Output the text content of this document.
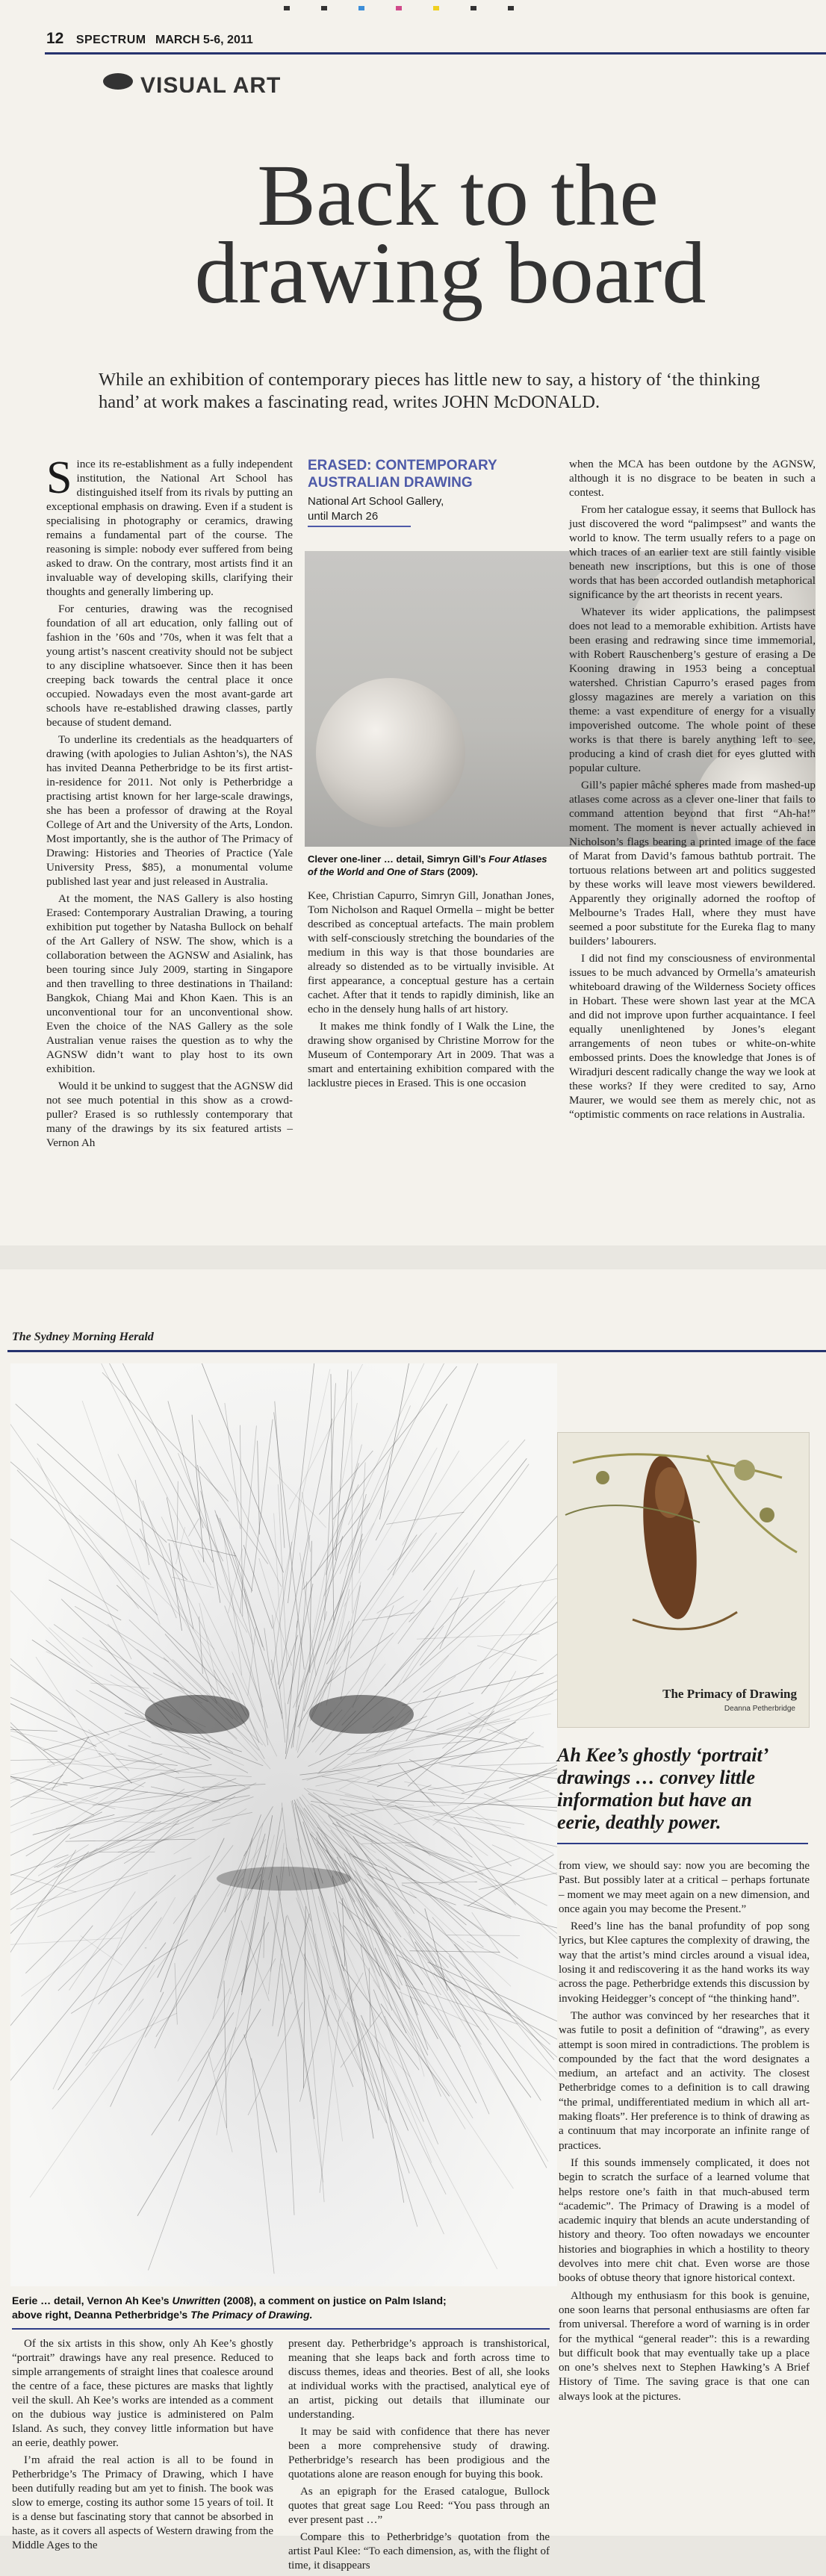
12 SPECTRUM MARCH 5-6, 2011
VISUAL ART
Back to the
drawing board
While an exhibition of contemporary pieces has little new to say, a history of ‘the thinking hand’ at work makes a fascinating read, writes JOHN McDONALD.

Since its re-establishment as a fully independent institution, the National Art School has distinguished itself from its rivals by putting an exceptional emphasis on drawing. Even if a student is specialising in photography or ceramics, drawing remains a fundamental part of the course. The reasoning is simple: nobody ever suffered from being asked to draw. On the contrary, most artists find it an invaluable way of developing skills, clarifying their thoughts and generally limbering up.

For centuries, drawing was the recognised foundation of all art education, only falling out of fashion in the ’60s and ’70s, when it was felt that a young artist’s nascent creativity should not be subject to any discipline whatsoever. Since then it has been creeping back towards the central place it once occupied. Nowadays even the most avant-garde art schools have re-established drawing classes, partly because of student demand.

To underline its credentials as the headquarters of drawing (with apologies to Julian Ashton’s), the NAS has invited Deanna Petherbridge to be its first artist-in-residence for 2011. Not only is Petherbridge a practising artist known for her large-scale drawings, she has been a professor of drawing at the Royal College of Art and the University of the Arts, London. Most importantly, she is the author of The Primacy of Drawing: Histories and Theories of Practice (Yale University Press, $85), a monumental volume published last year and just released in Australia.

At the moment, the NAS Gallery is also hosting Erased: Contemporary Australian Drawing, a touring exhibition put together by Natasha Bullock on behalf of the Art Gallery of NSW. The show, which is a collaboration between the AGNSW and Asialink, has been touring since July 2009, starting in Singapore and then travelling to three destinations in Thailand: Bangkok, Chiang Mai and Khon Kaen. This is an unconventional tour for an unconventional show. Even the choice of the NAS Gallery as the sole Australian venue raises the question as to why the AGNSW didn’t want to play host to its own exhibition.

Would it be unkind to suggest that the AGNSW did not see much potential in this show as a crowd-puller? Erased is so ruthlessly contemporary that many of the drawings by its six featured artists – Vernon Ah

ERASED: CONTEMPORARY
AUSTRALIAN DRAWING
National Art School Gallery,
until March 26
Clever one-liner … detail, Simryn Gill’s Four Atlases of the World and One of Stars (2009).

Kee, Christian Capurro, Simryn Gill, Jonathan Jones, Tom Nicholson and Raquel Ormella – might be better described as conceptual artefacts. The main problem with self-consciously stretching the boundaries of the medium in this way is that those boundaries are already so distended as to be virtually invisible. At first appearance, a conceptual gesture has a certain cachet. After that it tends to rapidly diminish, like an echo in the densely hung halls of art history.

It makes me think fondly of I Walk the Line, the drawing show organised by Christine Morrow for the Museum of Contemporary Art in 2009. That was a smart and entertaining exhibition compared with the lacklustre pieces in Erased. This is one occasion

when the MCA has been outdone by the AGNSW, although it is no disgrace to be beaten in such a contest.

From her catalogue essay, it seems that Bullock has just discovered the word “palimpsest” and wants the world to know. The term usually refers to a page on which traces of an earlier text are still faintly visible beneath new inscriptions, but this is one of those words that has been accorded outlandish metaphorical significance by the art theorists in recent years.

Whatever its wider applications, the palimpsest does not lead to a memorable exhibition. Artists have been erasing and redrawing since time immemorial, with Robert Rauschenberg’s gesture of erasing a De Kooning drawing in 1953 being a conceptual watershed. Christian Capurro’s erased pages from glossy magazines are merely a variation on this theme: a vast expenditure of energy for a visually impoverished outcome. The whole point of these works is that there is barely anything left to see, producing a kind of crash diet for eyes glutted with popular culture.

Gill’s papier mâché spheres made from mashed-up atlases come across as a clever one-liner that fails to command attention beyond that first “Ah-ha!” moment. The moment is never actually achieved in Nicholson’s flags bearing a printed image of the face of Marat from David’s famous bathtub portrait. The tortuous relations between art and politics suggested by these works will leave most viewers bewildered. Apparently they originally adorned the rooftop of Melbourne’s Trades Hall, where they must have seemed a poor substitute for the Eureka flag to many builders’ labourers.

I did not find my consciousness of environmental issues to be much advanced by Ormella’s amateurish whiteboard drawing of the Wilderness Society offices in Hobart. These were shown last year at the MCA and did not improve upon further acquaintance. I feel equally unenlightened by Jones’s elegant arrangements of neon tubes or white-on-white embossed prints. Does the knowledge that Jones is of Wiradjuri descent radically change the way we look at these works? If they were credited to say, Arno Maurer, we would see them as merely chic, not as “optimistic comments on race relations in Australia.

The Sydney Morning Herald
The Primacy of Drawing
Deanna Petherbridge
Ah Kee’s ghostly ‘portrait’
drawings … convey little
information but have an
eerie, deathly power.

from view, we should say: now you are becoming the Past. But possibly later at a critical – perhaps fortunate – moment we may meet again on a new dimension, and once again you may become the Present.”

Reed’s line has the banal profundity of pop song lyrics, but Klee captures the complexity of drawing, the way that the artist’s mind circles around a visual idea, losing it and rediscovering it as the hand works its way across the page. Petherbridge extends this discussion by invoking Heidegger’s concept of “the thinking hand”.

The author was convinced by her researches that it was futile to posit a definition of “drawing”, as every attempt is soon mired in contradictions. The problem is compounded by the fact that the word designates a medium, an artefact and an activity. The closest Petherbridge comes to a definition is to call drawing “the primal, undifferentiated medium in which all art-making floats”. Her preference is to think of drawing as a continuum that may incorporate an infinite range of practices.

If this sounds immensely complicated, it does not begin to scratch the surface of a learned volume that helps restore one’s faith in that much-abused term “academic”. The Primacy of Drawing is a model of academic inquiry that blends an acute understanding of history and theory. Too often nowadays we encounter histories and biographies in which a hostility to theory devolves into mere chit chat. Even worse are those books of obtuse theory that ignore historical context.

Although my enthusiasm for this book is genuine, one soon learns that personal enthusiasms are often far from universal. Therefore a word of warning is in order for the mythical “general reader”: this is a rewarding but difficult book that may eventually take up a place on one’s shelves next to Stephen Hawking’s A Brief History of Time. The saving grace is that one can always look at the pictures.

Eerie … detail, Vernon Ah Kee’s Unwritten (2008), a comment on justice on Palm Island;
above right, Deanna Petherbridge’s The Primacy of Drawing.

Of the six artists in this show, only Ah Kee’s ghostly “portrait” drawings have any real presence. Reduced to simple arrangements of straight lines that coalesce around the centre of a face, these pictures are masks that lightly veil the skull. Ah Kee’s works are intended as a comment on the dubious way justice is administered on Palm Island. As such, they convey little information but have an eerie, deathly power.

I’m afraid the real action is all to be found in Petherbridge’s The Primacy of Drawing, which I have been dutifully reading but am yet to finish. The book was slow to emerge, costing its author some 15 years of toil. It is a dense but fascinating story that cannot be absorbed in haste, as it covers all aspects of Western drawing from the Middle Ages to the

present day. Petherbridge’s approach is transhistorical, meaning that she leaps back and forth across time to discuss themes, ideas and theories. Best of all, she looks at individual works with the practised, analytical eye of an artist, picking out details that illuminate our understanding.

It may be said with confidence that there has never been a more comprehensive study of drawing. Petherbridge’s research has been prodigious and the quotations alone are reason enough for buying this book.

As an epigraph for the Erased catalogue, Bullock quotes that great sage Lou Reed: “You pass through an ever present past …”

Compare this to Petherbridge’s quotation from the artist Paul Klee: “To each dimension, as, with the flight of time, it disappears
